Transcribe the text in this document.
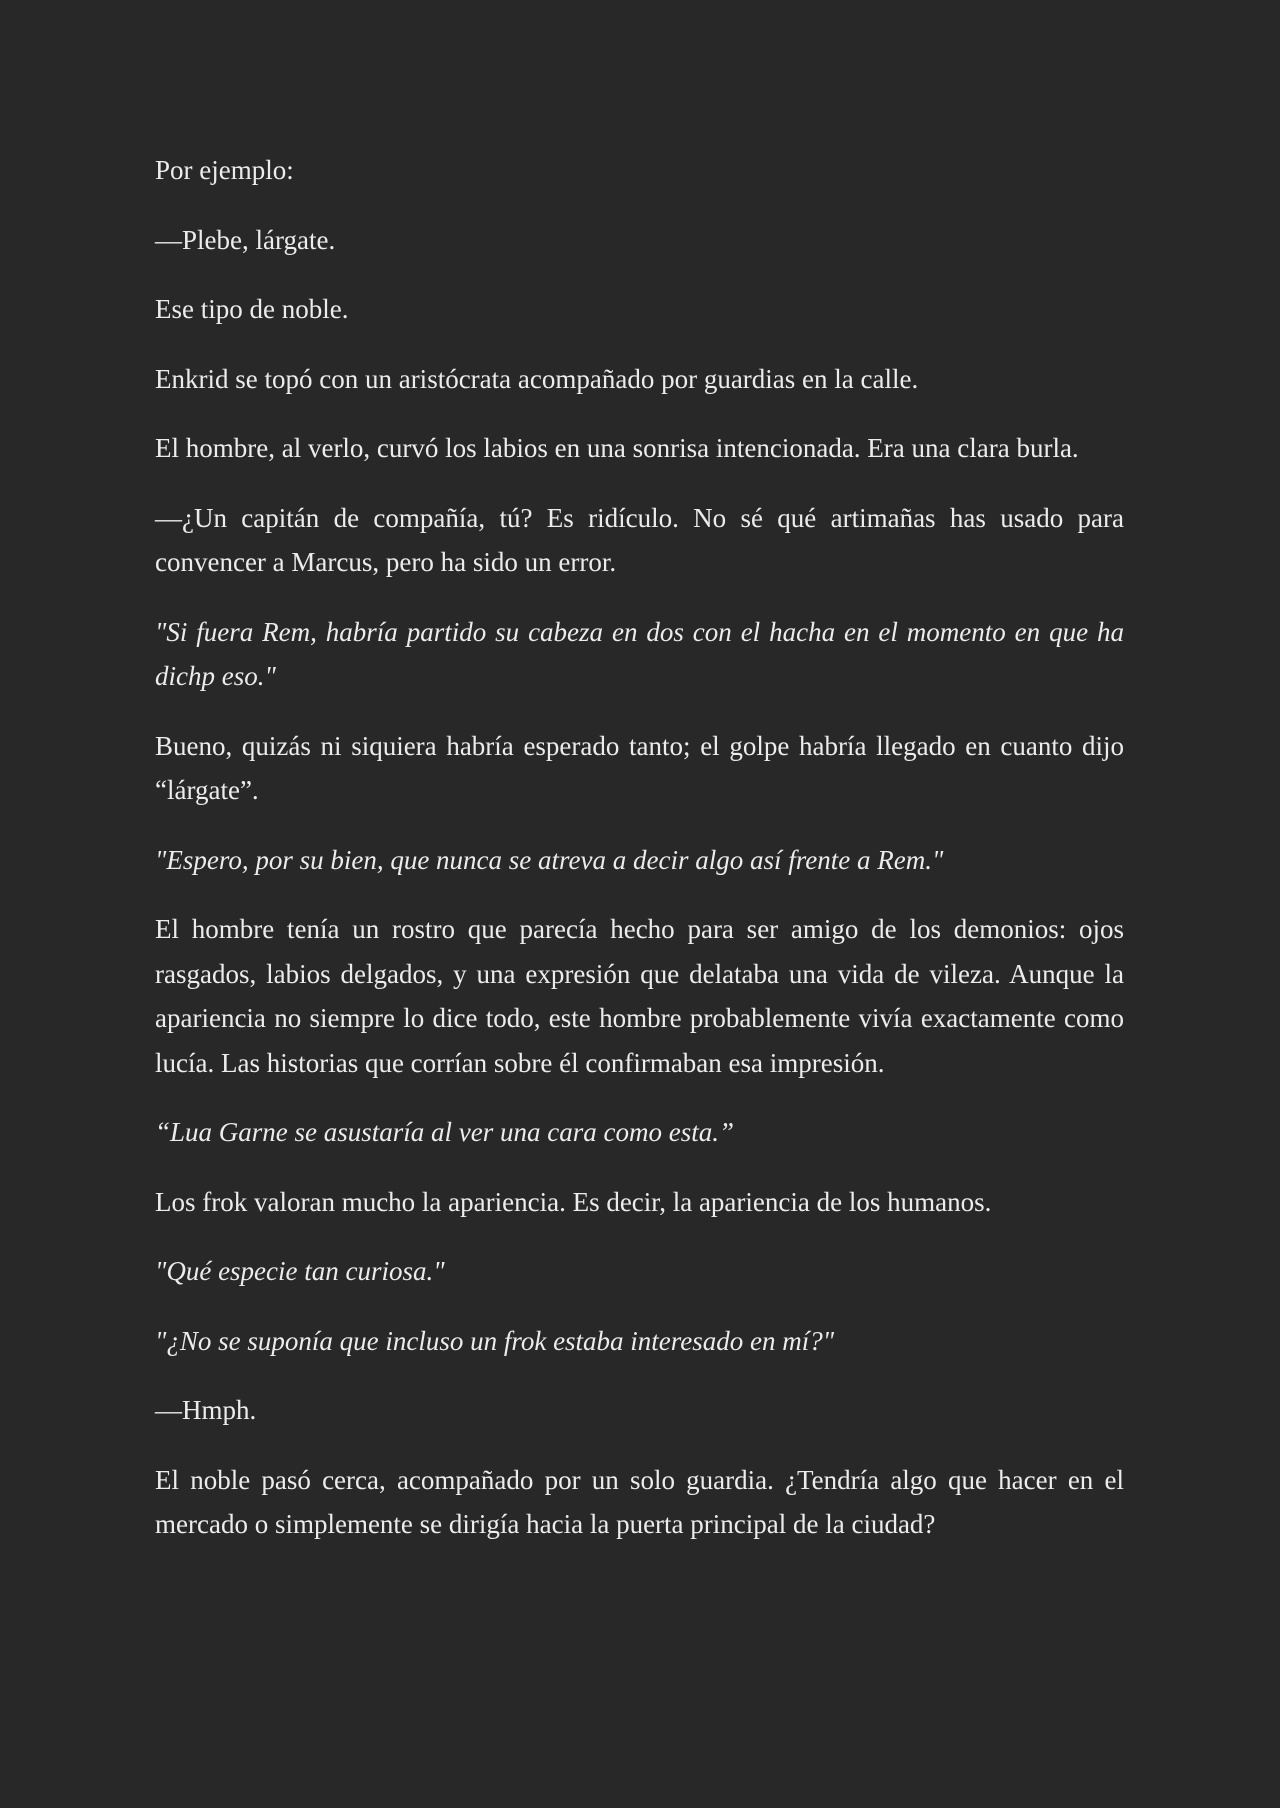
Por ejemplo:

—Plebe, lárgate.

Ese tipo de noble.

Enkrid se topó con un aristócrata acompañado por guardias en la calle.

El hombre, al verlo, curvó los labios en una sonrisa intencionada. Era una clara burla.

—¿Un capitán de compañía, tú? Es ridículo. No sé qué artimañas has usado para convencer a Marcus, pero ha sido un error.

"Si fuera Rem, habría partido su cabeza en dos con el hacha en el momento en que ha dichp eso."

Bueno, quizás ni siquiera habría esperado tanto; el golpe habría llegado en cuanto dijo “lárgate”.

"Espero, por su bien, que nunca se atreva a decir algo así frente a Rem."

El hombre tenía un rostro que parecía hecho para ser amigo de los demonios: ojos rasgados, labios delgados, y una expresión que delataba una vida de vileza. Aunque la apariencia no siempre lo dice todo, este hombre probablemente vivía exactamente como lucía. Las historias que corrían sobre él confirmaban esa impresión.

“Lua Garne se asustaría al ver una cara como esta.”

Los frok valoran mucho la apariencia. Es decir, la apariencia de los humanos.

"Qué especie tan curiosa."

"¿No se suponía que incluso un frok estaba interesado en mí?"

—Hmph.

El noble pasó cerca, acompañado por un solo guardia. ¿Tendría algo que hacer en el mercado o simplemente se dirigía hacia la puerta principal de la ciudad?
